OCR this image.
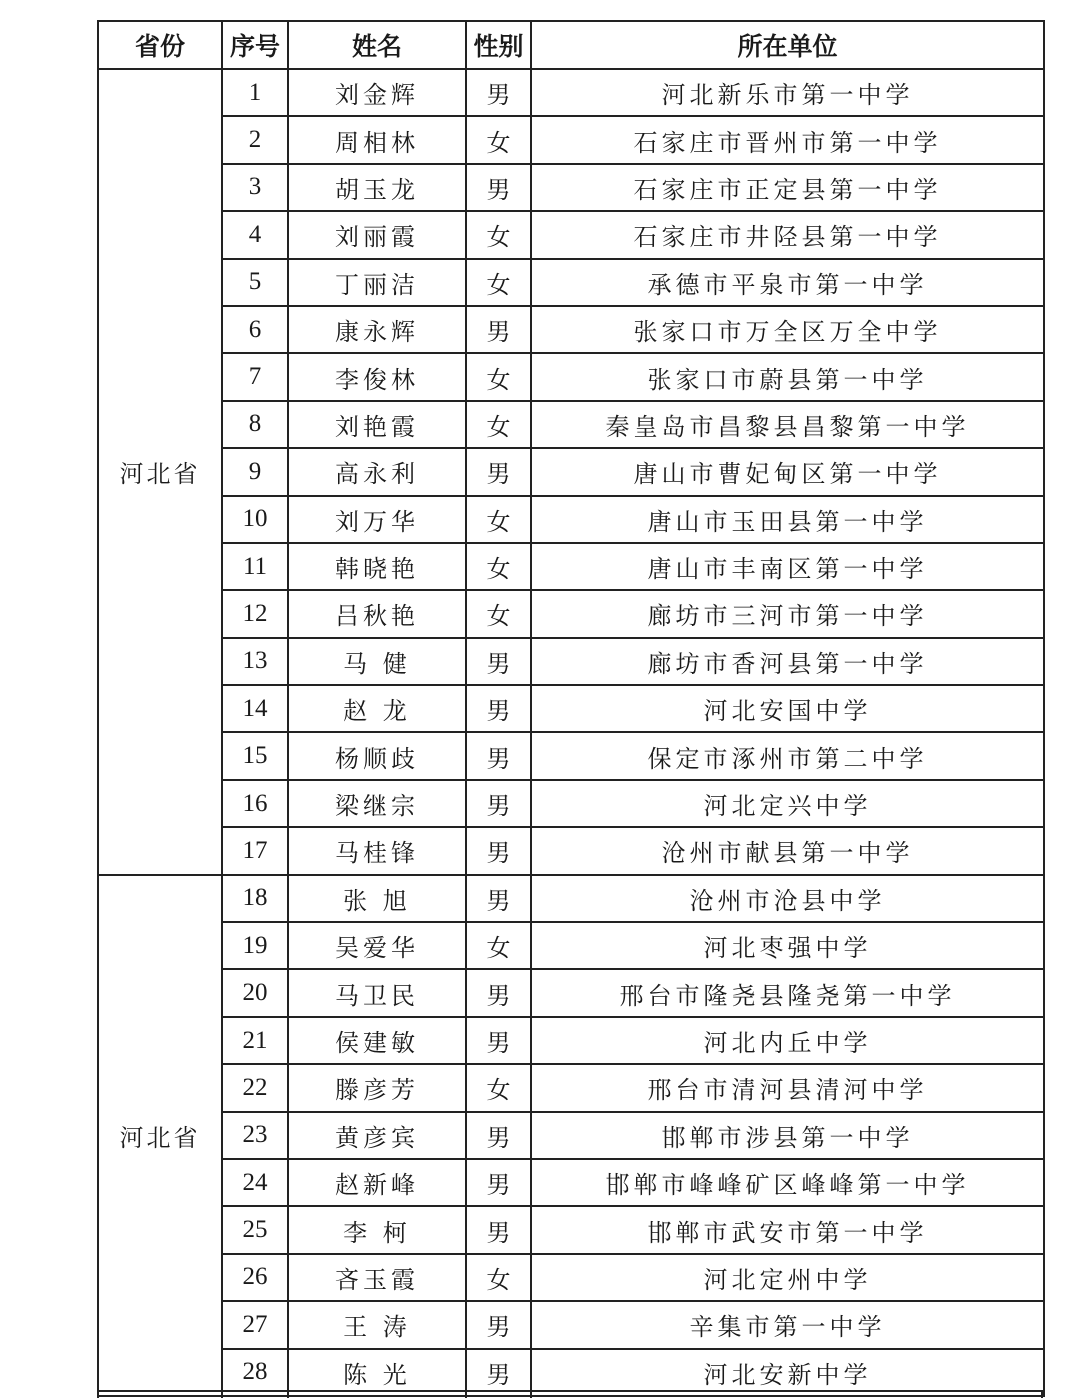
省份	序号	姓名	性别	所在单位
河北省	1	刘金辉	男	河北新乐市第一中学
	2	周相林	女	石家庄市晋州市第一中学
	3	胡玉龙	男	石家庄市正定县第一中学
	4	刘丽霞	女	石家庄市井陉县第一中学
	5	丁丽洁	女	承德市平泉市第一中学
	6	康永辉	男	张家口市万全区万全中学
	7	李俊林	女	张家口市蔚县第一中学
	8	刘艳霞	女	秦皇岛市昌黎县昌黎第一中学
	9	高永利	男	唐山市曹妃甸区第一中学
	10	刘万华	女	唐山市玉田县第一中学
	11	韩晓艳	女	唐山市丰南区第一中学
	12	吕秋艳	女	廊坊市三河市第一中学
	13	马 健	男	廊坊市香河县第一中学
	14	赵 龙	男	河北安国中学
	15	杨顺歧	男	保定市涿州市第二中学
	16	梁继宗	男	河北定兴中学
	17	马桂锋	男	沧州市献县第一中学
河北省	18	张 旭	男	沧州市沧县中学
	19	吴爱华	女	河北枣强中学
	20	马卫民	男	邢台市隆尧县隆尧第一中学
	21	侯建敏	男	河北内丘中学
	22	滕彦芳	女	邢台市清河县清河中学
	23	黄彦宾	男	邯郸市涉县第一中学
	24	赵新峰	男	邯郸市峰峰矿区峰峰第一中学
	25	李 柯	男	邯郸市武安市第一中学
	26	吝玉霞	女	河北定州中学
	27	王 涛	男	辛集市第一中学
	28	陈 光	男	河北安新中学
